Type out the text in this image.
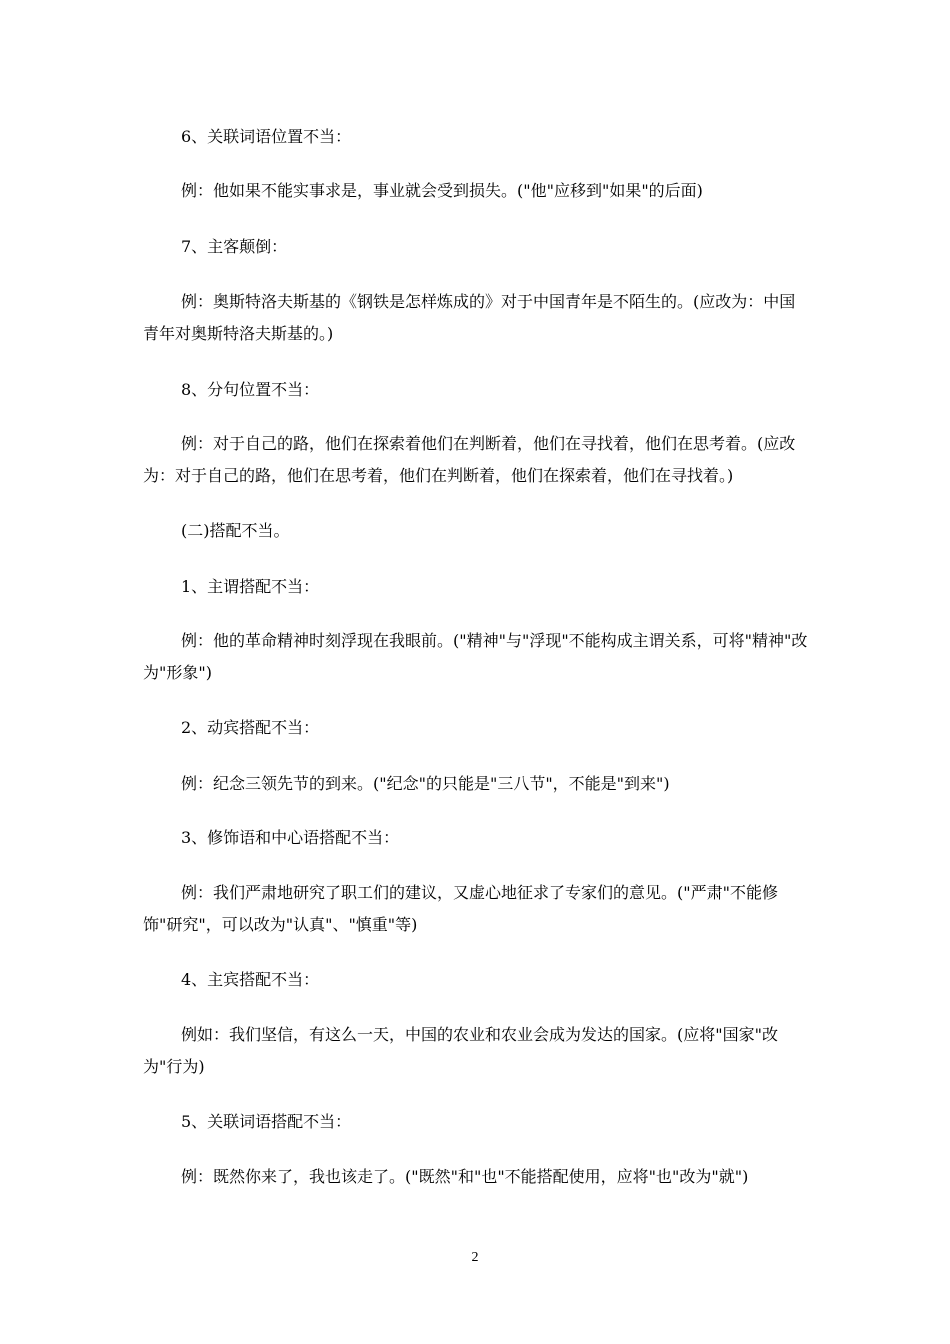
6、关联词语位置不当：

例：他如果不能实事求是，事业就会受到损失。("他"应移到"如果"的后面)

7、主客颠倒：

例：奥斯特洛夫斯基的《钢铁是怎样炼成的》对于中国青年是不陌生的。(应改为：中国青年对奥斯特洛夫斯基的。)

8、分句位置不当：

例：对于自己的路，他们在探索着他们在判断着，他们在寻找着，他们在思考着。(应改为：对于自己的路，他们在思考着，他们在判断着，他们在探索着，他们在寻找着。)

(二)搭配不当。

1、主谓搭配不当：

例：他的革命精神时刻浮现在我眼前。("精神"与"浮现"不能构成主谓关系，可将"精神"改为"形象")

2、动宾搭配不当：

例：纪念三领先节的到来。("纪念"的只能是"三八节"，不能是"到来")

3、修饰语和中心语搭配不当：

例：我们严肃地研究了职工们的建议，又虚心地征求了专家们的意见。("严肃"不能修饰"研究"，可以改为"认真"、"慎重"等)

4、主宾搭配不当：

例如：我们坚信，有这么一天，中国的农业和农业会成为发达的国家。(应将"国家"改为"行为)

5、关联词语搭配不当：

例：既然你来了，我也该走了。("既然"和"也"不能搭配使用，应将"也"改为"就")

2
